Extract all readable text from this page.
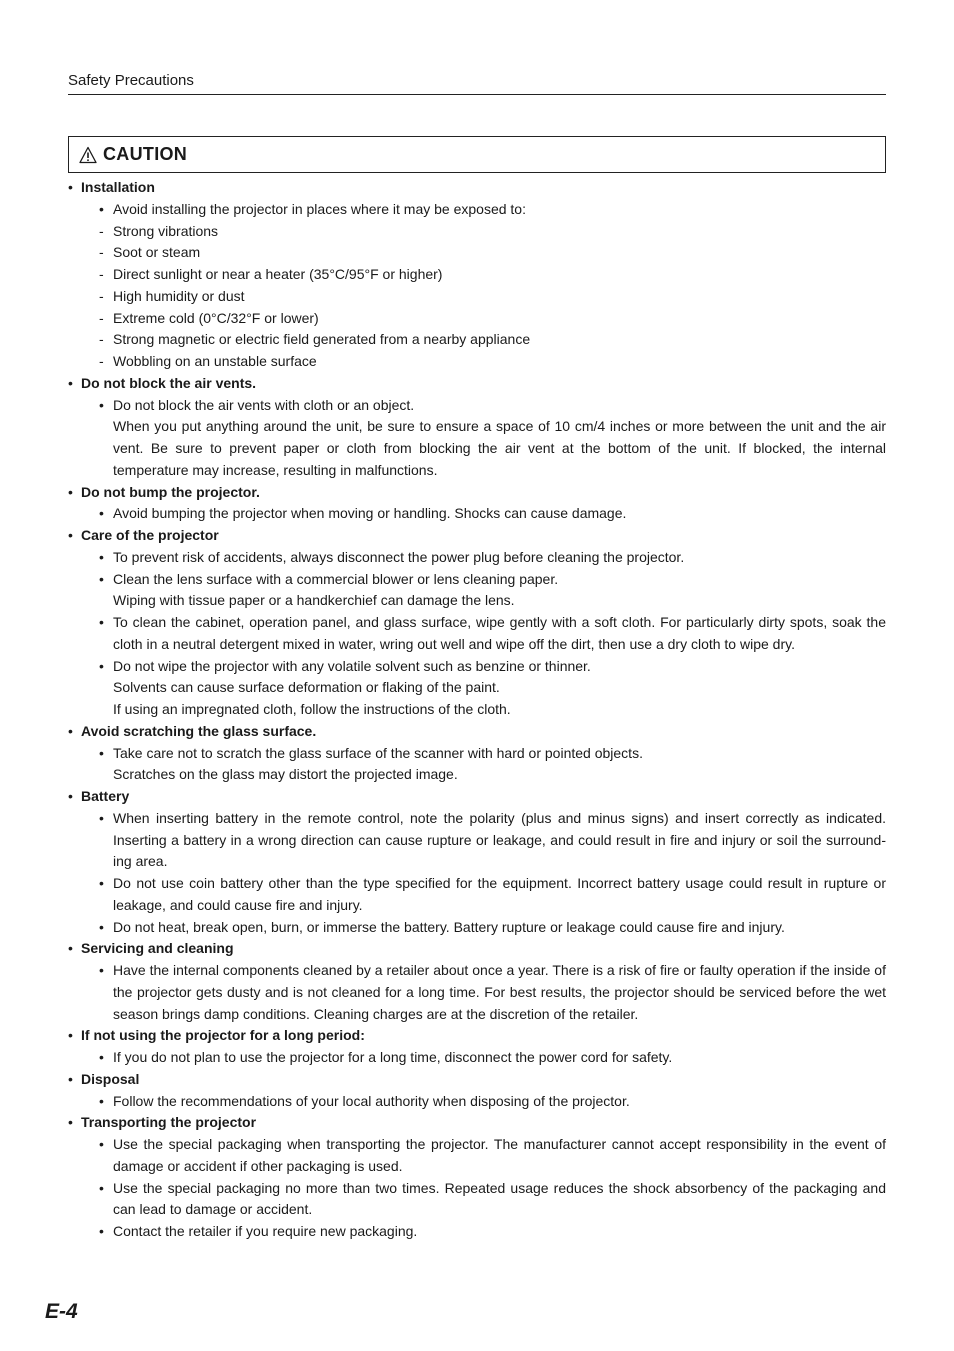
Safety Precautions
CAUTION
• Installation
• Avoid installing the projector in places where it may be exposed to:
- Strong vibrations
- Soot or steam
- Direct sunlight or near a heater (35°C/95°F or higher)
- High humidity or dust
- Extreme cold (0°C/32°F or lower)
- Strong magnetic or electric field generated from a nearby appliance
- Wobbling on an unstable surface
• Do not block the air vents.
• Do not block the air vents with cloth or an object.
When you put anything around the unit, be sure to ensure a space of 10 cm/4 inches or more between the unit and the air vent. Be sure to prevent paper or cloth from blocking the air vent at the bottom of the unit. If blocked, the internal temperature may increase, resulting in malfunctions.
• Do not bump the projector.
• Avoid bumping the projector when moving or handling. Shocks can cause damage.
• Care of the projector
• To prevent risk of accidents, always disconnect the power plug before cleaning the projector.
• Clean the lens surface with a commercial blower or lens cleaning paper.
Wiping with tissue paper or a handkerchief can damage the lens.
• To clean the cabinet, operation panel, and glass surface, wipe gently with a soft cloth. For particularly dirty spots, soak the cloth in a neutral detergent mixed in water, wring out well and wipe off the dirt, then use a dry cloth to wipe dry.
• Do not wipe the projector with any volatile solvent such as benzine or thinner.
Solvents can cause surface deformation or flaking of the paint.
If using an impregnated cloth, follow the instructions of the cloth.
• Avoid scratching the glass surface.
• Take care not to scratch the glass surface of the scanner with hard or pointed objects.
Scratches on the glass may distort the projected image.
• Battery
• When inserting battery in the remote control, note the polarity (plus and minus signs) and insert correctly as indicated. Inserting a battery in a wrong direction can cause rupture or leakage, and could result in fire and injury or soil the surround-ing area.
• Do not use coin battery other than the type specified for the equipment. Incorrect battery usage could result in rupture or leakage, and could cause fire and injury.
• Do not heat, break open, burn, or immerse the battery. Battery rupture or leakage could cause fire and injury.
• Servicing and cleaning
• Have the internal components cleaned by a retailer about once a year. There is a risk of fire or faulty operation if the inside of the projector gets dusty and is not cleaned for a long time. For best results, the projector should be serviced before the wet season brings damp conditions. Cleaning charges are at the discretion of the retailer.
• If not using the projector for a long period:
• If you do not plan to use the projector for a long time, disconnect the power cord for safety.
• Disposal
• Follow the recommendations of your local authority when disposing of the projector.
• Transporting the projector
• Use the special packaging when transporting the projector. The manufacturer cannot accept responsibility in the event of damage or accident if other packaging is used.
• Use the special packaging no more than two times. Repeated usage reduces the shock absorbency of the packaging and can lead to damage or accident.
• Contact the retailer if you require new packaging.
E-4
